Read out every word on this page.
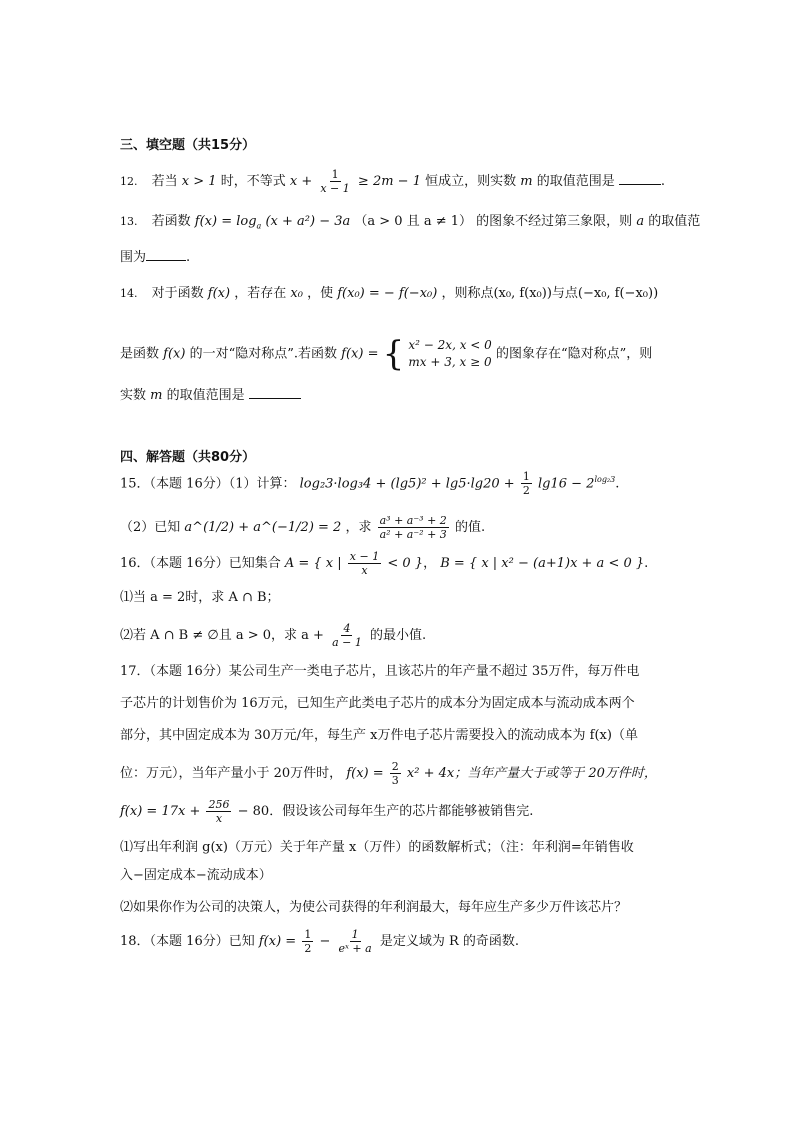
三、填空题（共15分）
12. 若当 x > 1 时，不等式 $x + \frac{1}{x - 1} \ge 2m - 1$ 恒成立，则实数 m 的取值范围是	.
13. 若函数 $f(x) = \log_a (x + a^2) - 3a$ （a > 0 且 a ≠ 1） 的图象不经过第三象限，则 a 的取值范
围为	.
14. 对于函数 f(x) ，若存在 x₀ ，使 f(x₀) = − f(−x₀) ，则称点(x₀, f(x₀))与点(−x₀, f(−x₀))
是函数 f(x) 的一对“隐对称点”.若函数 f(x) = { x² − 2x, x < 0
mx + 3, x ≥ 0
的图象存在“隐对称点”，则
实数 m 的取值范围是
四、解答题（共80分）
15．（本题 16分）（1）计算： $\log_23\cdot\log_34 + (\lg 5)^2 + \lg 5\cdot\lg 20 + \frac{1}{2} \lg 16 - 2^{log_23}$.
（2）已知 a^(1/2) + a^(−1/2) = 2 ，求 $\frac{\text{a³ + a⁻³ + 2}}{\text{a² + a⁻² + 3}}$ 的值.
16．（本题 16分）已知集合 A = { x | $\frac{x - 1}{x} < 0$ }， B = { x | x² − (a+1)x + a < 0 }.
⑴当 a = 2时，求 A ∩ B；
⑵若 A ∩ B ≠ ∅且 a > 0，求 $a + \frac{4}{a - 1}$ 的最小值.
17．（本题 16分）某公司生产一类电子芯片，且该芯片的年产量不超过 35万件，每万件电
子芯片的计划售价为 16万元，已知生产此类电子芯片的成本分为固定成本与流动成本两个
部分，其中固定成本为 30万元/年，每生产 x万件电子芯片需要投入的流动成本为 f(x)（单
位：万元），当年产量小于 20万件时， $f(x) = \frac{2}{3} x^2 + 4x$；当年产量大于或等于 20万件时，
$f(x) = 17x + \frac{256}{x} - 80$．假设该公司每年生产的芯片都能够被销售完.
⑴写出年利润 g(x)（万元）关于年产量 x（万件）的函数解析式；（注：年利润=年销售收
入−固定成本−流动成本）
⑵如果你作为公司的决策人，为使公司获得的年利润最大，每年应生产多少万件该芯片？
18．（本题 16分）已知 $f(x) = \frac{1}{2} - \frac{1}{\text{eˣ + a}}$ 是定义域为 R 的奇函数.
